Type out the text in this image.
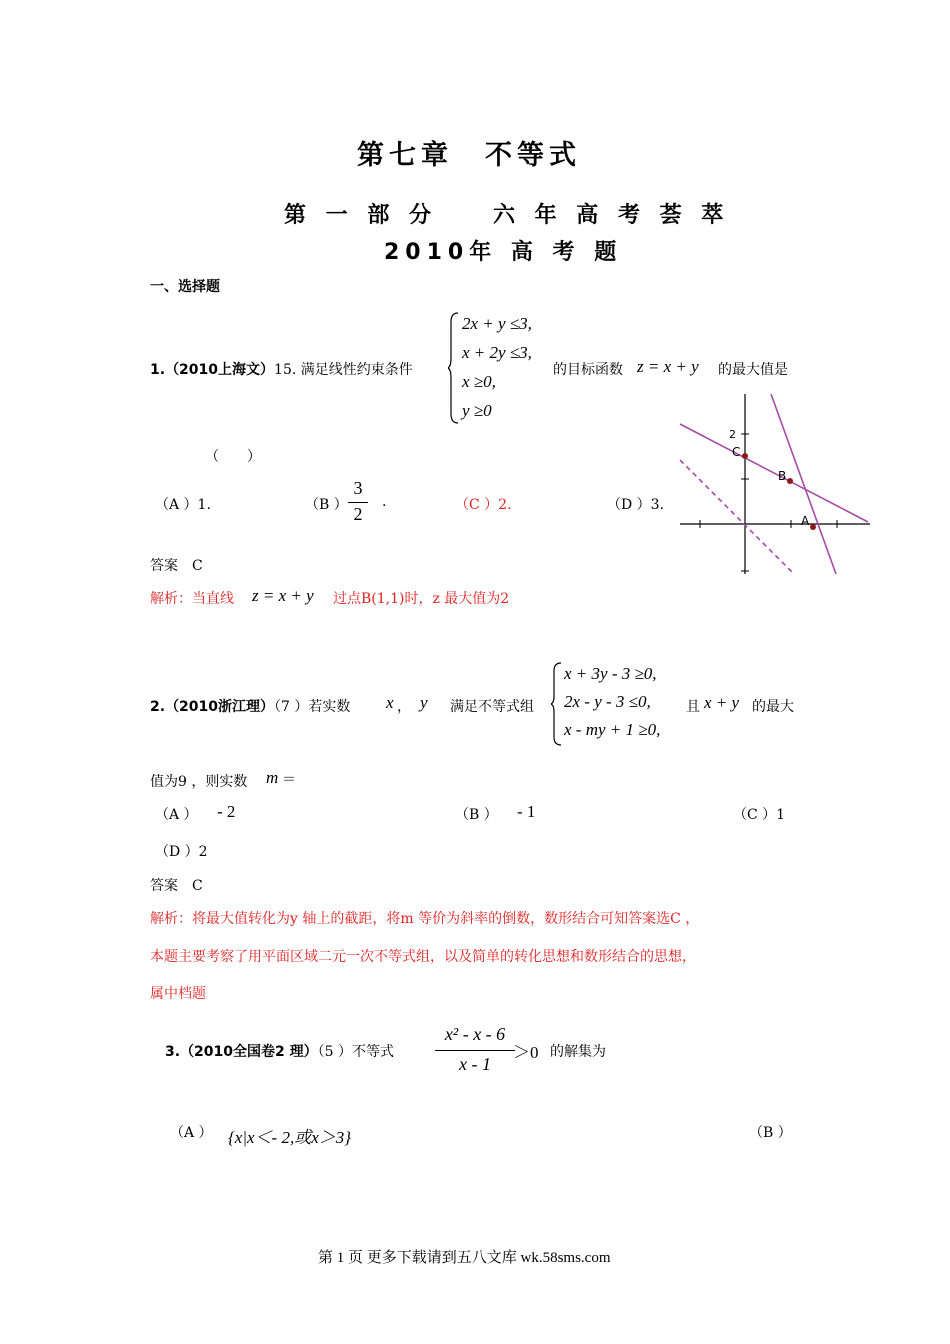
第七章　不等式
第 一 部 分　　六 年 高 考 荟 萃
2010年 高 考 题
一、选择题
1.（2010上海文）15. 满足线性约束条件
2x + y ≤3,
x + 2y ≤3,
x ≥0,
y ≥0
的目标函数 z = x + y 的最大值是
（　　）
（A ）1.	（B ）
3
2
.	（C ）2.	（D ）3.
2
C
B
A
答案　C
解析：当直线 z = x + y 过点B(1,1)时，z 最大值为2
2.（2010浙江理）（7 ）若实数 x ， y 满足不等式组
x + 3y - 3 ≥0,
2x - y - 3 ≤0,
x - my + 1 ≥0,
且 x + y 的最大
值为9 ，则实数 m ＝
（A ） - 2	（B ） - 1	（C ）1
（D ）2
答案　C
解析：将最大值转化为y 轴上的截距，将m 等价为斜率的倒数，数形结合可知答案选C ，
本题主要考察了用平面区域二元一次不等式组，以及简单的转化思想和数形结合的思想，
属中档题
3.（2010全国卷2 理）（5 ）不等式
x² - x - 6
x - 1
＞0 的解集为
（A ） {x|x＜- 2,或x＞3}	（B ）
第 1 页 更多下载请到五八文库 wk.58sms.com
